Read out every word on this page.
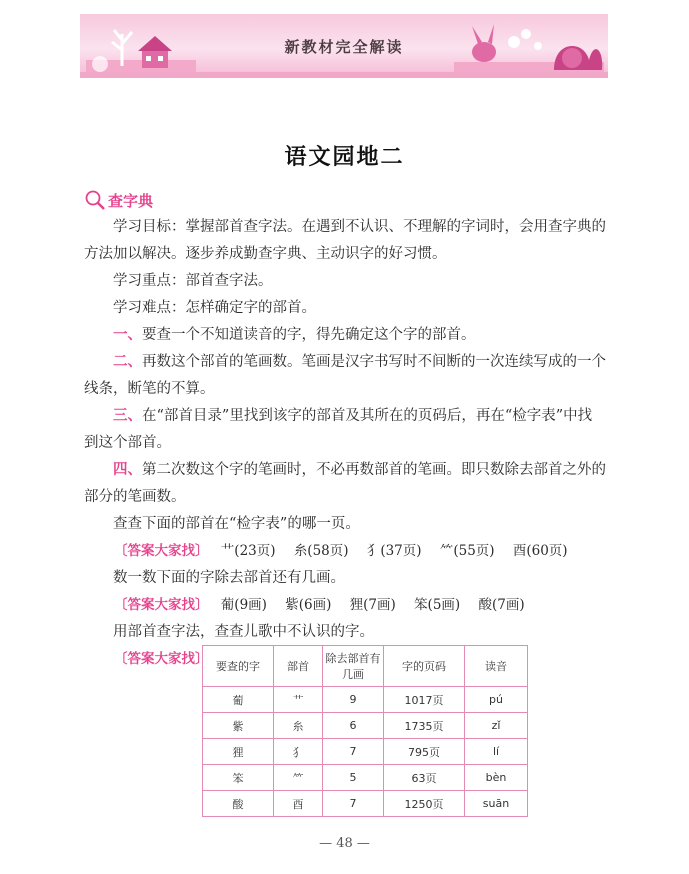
新教材完全解读
语文园地二
查字典

学习目标：掌握部首查字法。在遇到不认识、不理解的字词时，会用查字典的方法加以解决。逐步养成勤查字典、主动识字的好习惯。

学习重点：部首查字法。

学习难点：怎样确定字的部首。

一、要查一个不知道读音的字，得先确定这个字的部首。

二、再数这个部首的笔画数。笔画是汉字书写时不间断的一次连续写成的一个线条，断笔的不算。

三、在“部首目录”里找到该字的部首及其所在的页码后，再在“检字表”中找到这个部首。

四、第二次数这个字的笔画时，不必再数部首的笔画。即只数除去部首之外的部分的笔画数。

查查下面的部首在“检字表”的哪一页。

〔答案大家找〕 艹(23页) 糸(58页) 犭(37页) ⺮(55页) 酉(60页)

数一数下面的字除去部首还有几画。

〔答案大家找〕 葡(9画) 紫(6画) 狸(7画) 笨(5画) 酸(7画)

用部首查字法，查查儿歌中不认识的字。

〔答案大家找〕 要查的字	部首	除去部首有几画	字的页码	读音
葡	艹	9	1017页	pú
紫	糸	6	1735页	zǐ
狸	犭	7	795页	lí
笨	⺮	5	63页	bèn
酸	酉	7	1250页	suān
— 48 —
